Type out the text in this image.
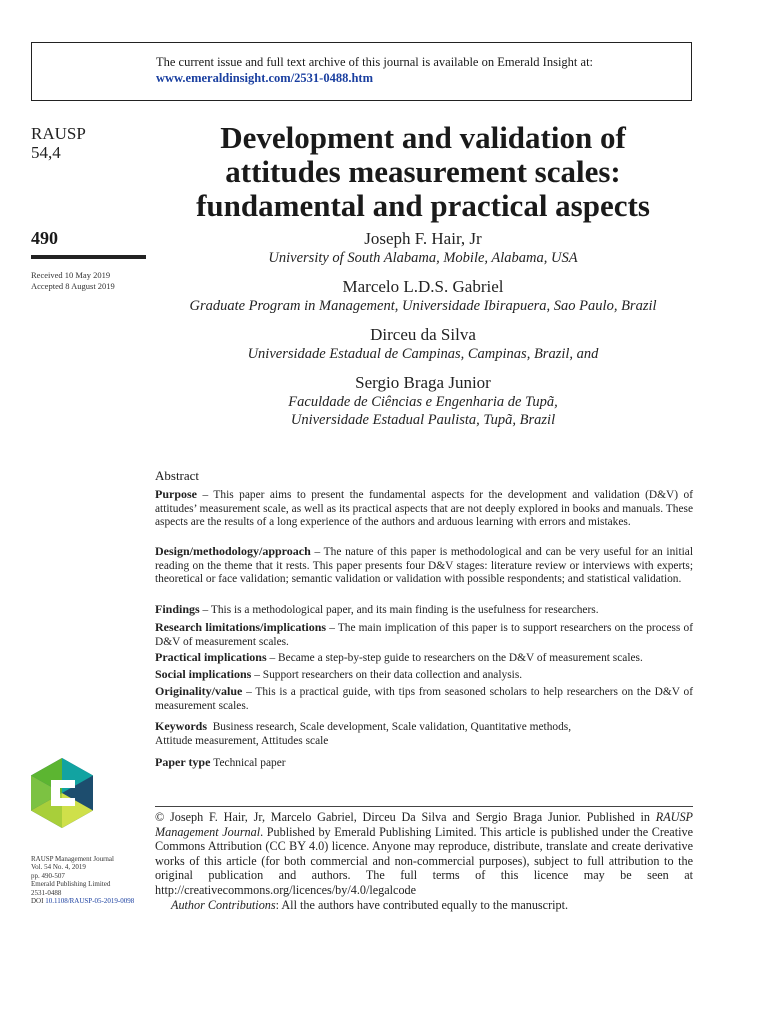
The current issue and full text archive of this journal is available on Emerald Insight at:
www.emeraldinsight.com/2531-0488.htm
RAUSP
54,4
490
Received 10 May 2019
Accepted 8 August 2019
Development and validation of
attitudes measurement scales:
fundamental and practical aspects
Joseph F. Hair, Jr
University of South Alabama, Mobile, Alabama, USA
Marcelo L.D.S. Gabriel
Graduate Program in Management, Universidade Ibirapuera, Sao Paulo, Brazil
Dirceu da Silva
Universidade Estadual de Campinas, Campinas, Brazil, and
Sergio Braga Junior
Faculdade de Ciências e Engenharia de Tupã,
Universidade Estadual Paulista, Tupã, Brazil
Abstract
Purpose – This paper aims to present the fundamental aspects for the development and validation (D&V) of attitudes’ measurement scale, as well as its practical aspects that are not deeply explored in books and manuals. These aspects are the results of a long experience of the authors and arduous learning with errors and mistakes.
Design/methodology/approach – The nature of this paper is methodological and can be very useful for an initial reading on the theme that it rests. This paper presents four D&V stages: literature review or interviews with experts; theoretical or face validation; semantic validation or validation with possible respondents; and statistical validation.
Findings – This is a methodological paper, and its main finding is the usefulness for researchers.
Research limitations/implications – The main implication of this paper is to support researchers on the process of D&V of measurement scales.
Practical implications – Became a step-by-step guide to researchers on the D&V of measurement scales.
Social implications – Support researchers on their data collection and analysis.
Originality/value – This is a practical guide, with tips from seasoned scholars to help researchers on the D&V of measurement scales.
Keywords Business research, Scale development, Scale validation, Quantitative methods,
Attitude measurement, Attitudes scale
Paper type Technical paper
RAUSP Management Journal
Vol. 54 No. 4, 2019
pp. 490-507
Emerald Publishing Limited
2531-0488
DOI 10.1108/RAUSP-05-2019-0098
© Joseph F. Hair, Jr, Marcelo Gabriel, Dirceu Da Silva and Sergio Braga Junior. Published in RAUSP Management Journal. Published by Emerald Publishing Limited. This article is published under the Creative Commons Attribution (CC BY 4.0) licence. Anyone may reproduce, distribute, translate and create derivative works of this article (for both commercial and non-commercial purposes), subject to full attribution to the original publication and authors. The full terms of this licence may be seen at http://creativecommons.org/licences/by/4.0/legalcode
Author Contributions: All the authors have contributed equally to the manuscript.
